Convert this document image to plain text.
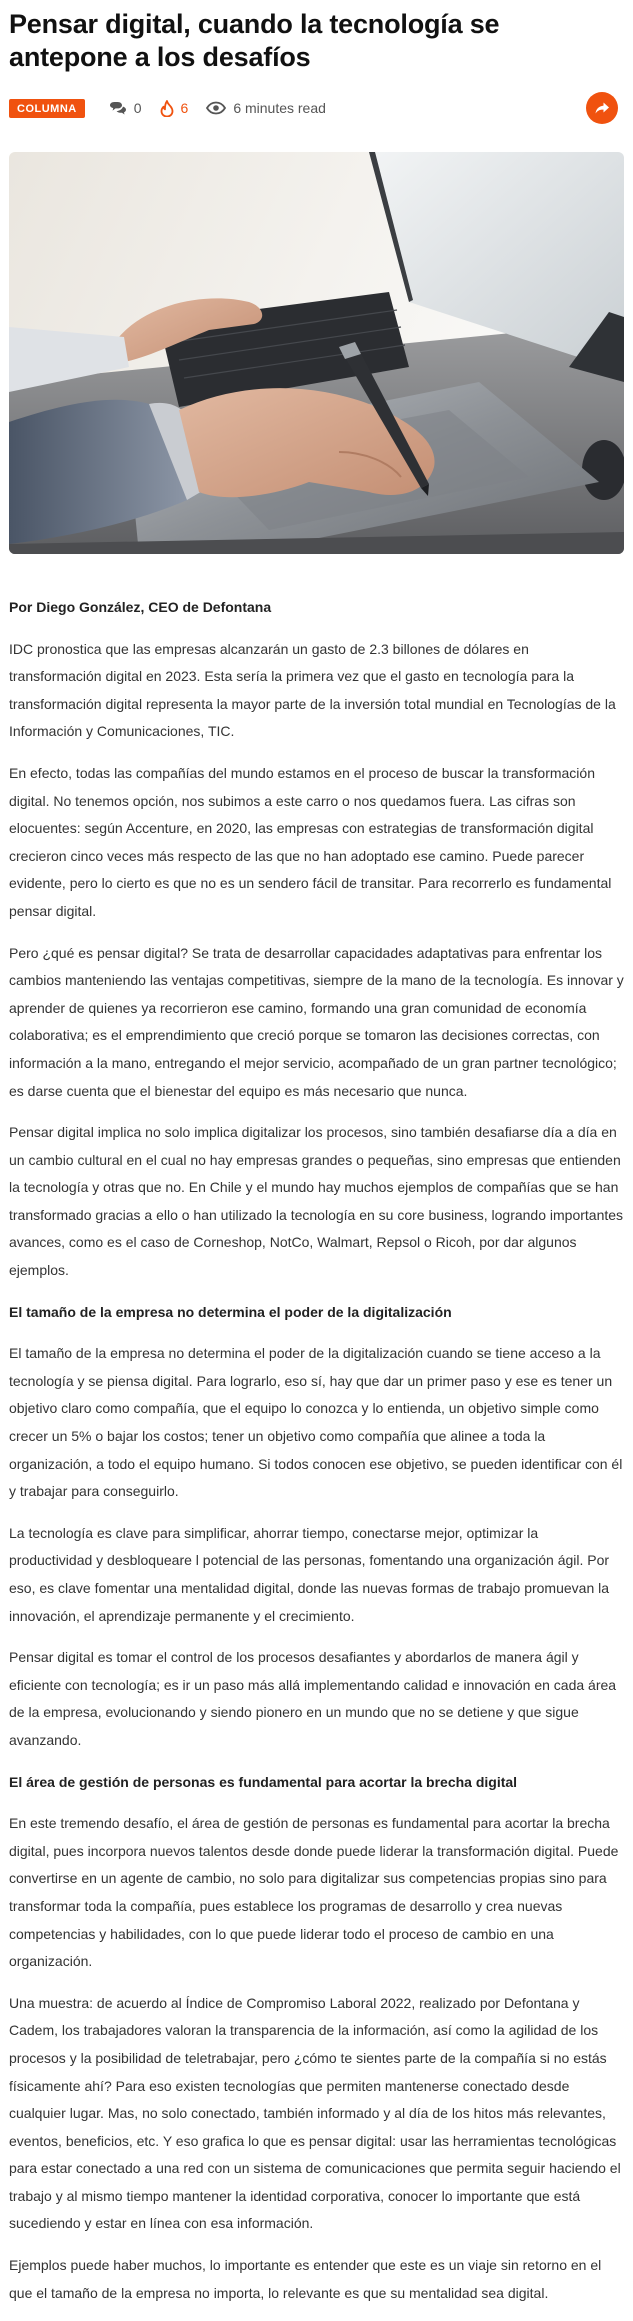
Pensar digital, cuando la tecnología se antepone a los desafíos
COLUMNA	0	6	6 minutes read

Por Diego González, CEO de Defontana

IDC pronostica que las empresas alcanzarán un gasto de 2.3 billones de dólares en transformación digital en 2023. Esta sería la primera vez que el gasto en tecnología para la transformación digital representa la mayor parte de la inversión total mundial en Tecnologías de la Información y Comunicaciones, TIC.

En efecto, todas las compañías del mundo estamos en el proceso de buscar la transformación digital. No tenemos opción, nos subimos a este carro o nos quedamos fuera. Las cifras son elocuentes: según Accenture, en 2020, las empresas con estrategias de transformación digital crecieron cinco veces más respecto de las que no han adoptado ese camino. Puede parecer evidente, pero lo cierto es que no es un sendero fácil de transitar. Para recorrerlo es fundamental pensar digital.

Pero ¿qué es pensar digital? Se trata de desarrollar capacidades adaptativas para enfrentar los cambios manteniendo las ventajas competitivas, siempre de la mano de la tecnología. Es innovar y aprender de quienes ya recorrieron ese camino, formando una gran comunidad de economía colaborativa; es el emprendimiento que creció porque se tomaron las decisiones correctas, con información a la mano, entregando el mejor servicio, acompañado de un gran partner tecnológico; es darse cuenta que el bienestar del equipo es más necesario que nunca.

Pensar digital implica no solo implica digitalizar los procesos, sino también desafiarse día a día en un cambio cultural en el cual no hay empresas grandes o pequeñas, sino empresas que entienden la tecnología y otras que no. En Chile y el mundo hay muchos ejemplos de compañías que se han transformado gracias a ello o han utilizado la tecnología en su core business, logrando importantes avances, como es el caso de Corneshop, NotCo, Walmart, Repsol o Ricoh, por dar algunos ejemplos.

El tamaño de la empresa no determina el poder de la digitalización

El tamaño de la empresa no determina el poder de la digitalización cuando se tiene acceso a la tecnología y se piensa digital. Para lograrlo, eso sí, hay que dar un primer paso y ese es tener un objetivo claro como compañía, que el equipo lo conozca y lo entienda, un objetivo simple como crecer un 5% o bajar los costos; tener un objetivo como compañía que alinee a toda la organización, a todo el equipo humano. Si todos conocen ese objetivo, se pueden identificar con él y trabajar para conseguirlo.

La tecnología es clave para simplificar, ahorrar tiempo, conectarse mejor, optimizar la productividad y desbloqueare l potencial de las personas, fomentando una organización ágil. Por eso, es clave fomentar una mentalidad digital, donde las nuevas formas de trabajo promuevan la innovación, el aprendizaje permanente y el crecimiento.

Pensar digital es tomar el control de los procesos desafiantes y abordarlos de manera ágil y eficiente con tecnología; es ir un paso más allá implementando calidad e innovación en cada área de la empresa, evolucionando y siendo pionero en un mundo que no se detiene y que sigue avanzando.

El área de gestión de personas es fundamental para acortar la brecha digital

En este tremendo desafío, el área de gestión de personas es fundamental para acortar la brecha digital, pues incorpora nuevos talentos desde donde puede liderar la transformación digital. Puede convertirse en un agente de cambio, no solo para digitalizar sus competencias propias sino para transformar toda la compañía, pues establece los programas de desarrollo y crea nuevas competencias y habilidades, con lo que puede liderar todo el proceso de cambio en una organización.

Una muestra: de acuerdo al Índice de Compromiso Laboral 2022, realizado por Defontana y Cadem, los trabajadores valoran la transparencia de la información, así como la agilidad de los procesos y la posibilidad de teletrabajar, pero ¿cómo te sientes parte de la compañía si no estás físicamente ahí? Para eso existen tecnologías que permiten mantenerse conectado desde cualquier lugar. Mas, no solo conectado, también informado y al día de los hitos más relevantes, eventos, beneficios, etc. Y eso grafica lo que es pensar digital: usar las herramientas tecnológicas para estar conectado a una red con un sistema de comunicaciones que permita seguir haciendo el trabajo y al mismo tiempo mantener la identidad corporativa, conocer lo importante que está sucediendo y estar en línea con esa información.

Ejemplos puede haber muchos, lo importante es entender que este es un viaje sin retorno en el que el tamaño de la empresa no importa, lo relevante es que su mentalidad sea digital.
